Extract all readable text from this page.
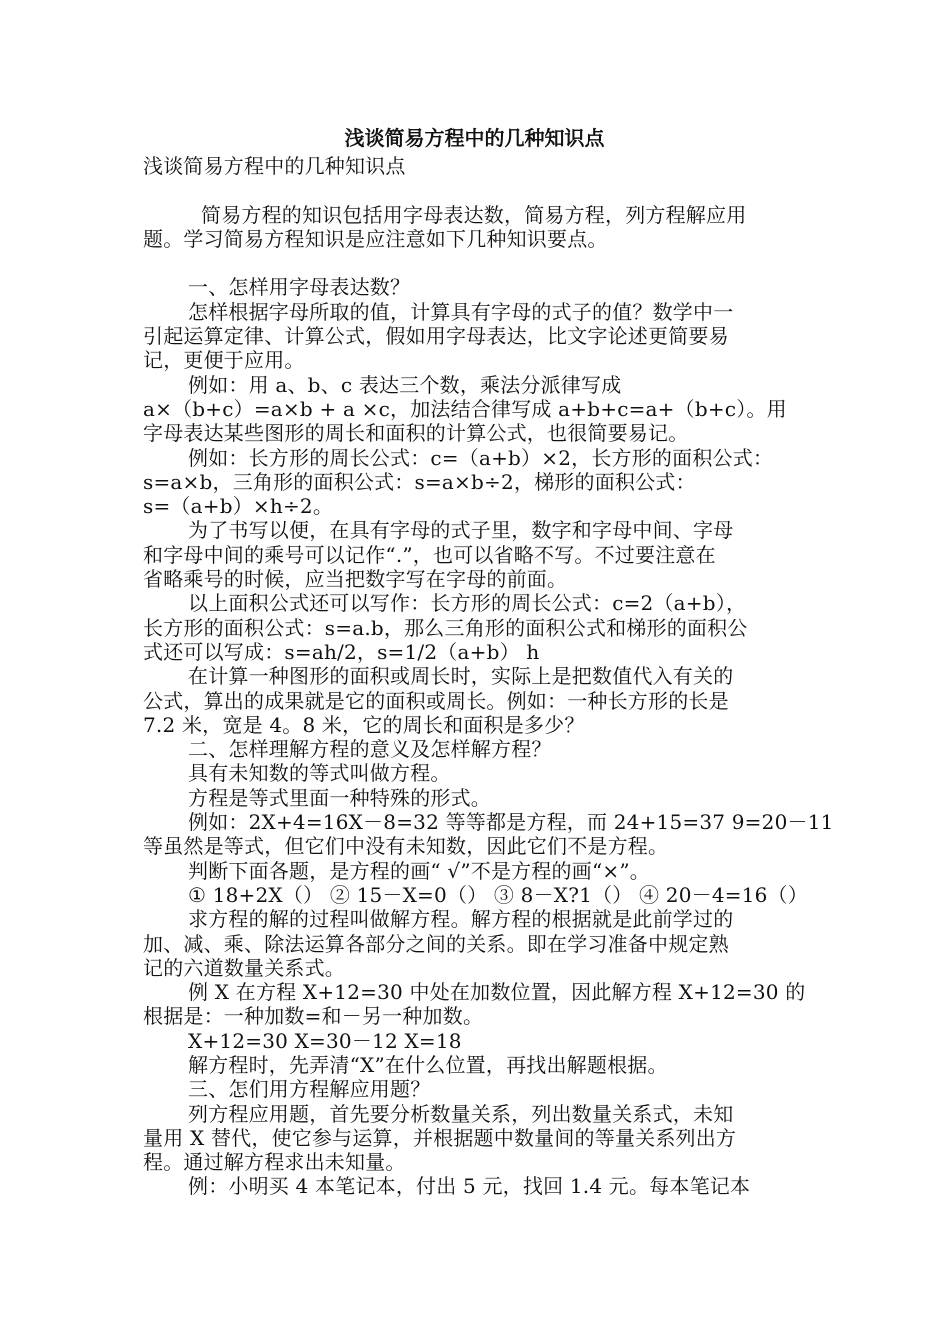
浅谈简易方程中的几种知识点

浅谈简易方程中的几种知识点

简易方程的知识包括用字母表达数，简易方程，列方程解应用

题。学习简易方程知识是应注意如下几种知识要点。

一、怎样用字母表达数？

怎样根据字母所取的值，计算具有字母的式子的值？数学中一

引起运算定律、计算公式，假如用字母表达，比文字论述更简要易

记，更便于应用。

例如：用 a、b、c 表达三个数，乘法分派律写成

a×（b+c）=a×b + a ×c，加法结合律写成 a+b+c=a+（b+c）。用

字母表达某些图形的周长和面积的计算公式，也很简要易记。

例如：长方形的周长公式：c=（a+b）×2，长方形的面积公式：

s=a×b，三角形的面积公式：s=a×b÷2，梯形的面积公式：

s=（a+b）×h÷2。

为了书写以便，在具有字母的式子里，数字和字母中间、字母

和字母中间的乘号可以记作“.”，也可以省略不写。不过要注意在

省略乘号的时候，应当把数字写在字母的前面。

以上面积公式还可以写作：长方形的周长公式：c=2（a+b），

长方形的面积公式：s=a.b，那么三角形的面积公式和梯形的面积公

式还可以写成：s=ah/2，s=1/2（a+b） h

在计算一种图形的面积或周长时，实际上是把数值代入有关的

公式，算出的成果就是它的面积或周长。例如：一种长方形的长是

7.2 米，宽是 4。8 米，它的周长和面积是多少？

二、怎样理解方程的意义及怎样解方程？

具有未知数的等式叫做方程。

方程是等式里面一种特殊的形式。

例如：2X+4=16X－8=32 等等都是方程，而 24+15=37 9=20－11

等虽然是等式，但它们中没有未知数，因此它们不是方程。

判断下面各题，是方程的画“ √”不是方程的画“×”。

① 18+2X（） ② 15－X=0（） ③ 8－X?1（） ④ 20－4=16（）

求方程的解的过程叫做解方程。解方程的根据就是此前学过的

加、减、乘、除法运算各部分之间的关系。即在学习准备中规定熟

记的六道数量关系式。

例 X 在方程 X+12=30 中处在加数位置，因此解方程 X+12=30 的

根据是：一种加数=和－另一种加数。

X+12=30 X=30－12 X=18

解方程时，先弄清“X”在什么位置，再找出解题根据。

三、怎们用方程解应用题？

列方程应用题，首先要分析数量关系，列出数量关系式，未知

量用 X 替代，使它参与运算，并根据题中数量间的等量关系列出方

程。通过解方程求出未知量。

例：小明买 4 本笔记本，付出 5 元，找回 1.4 元。每本笔记本
